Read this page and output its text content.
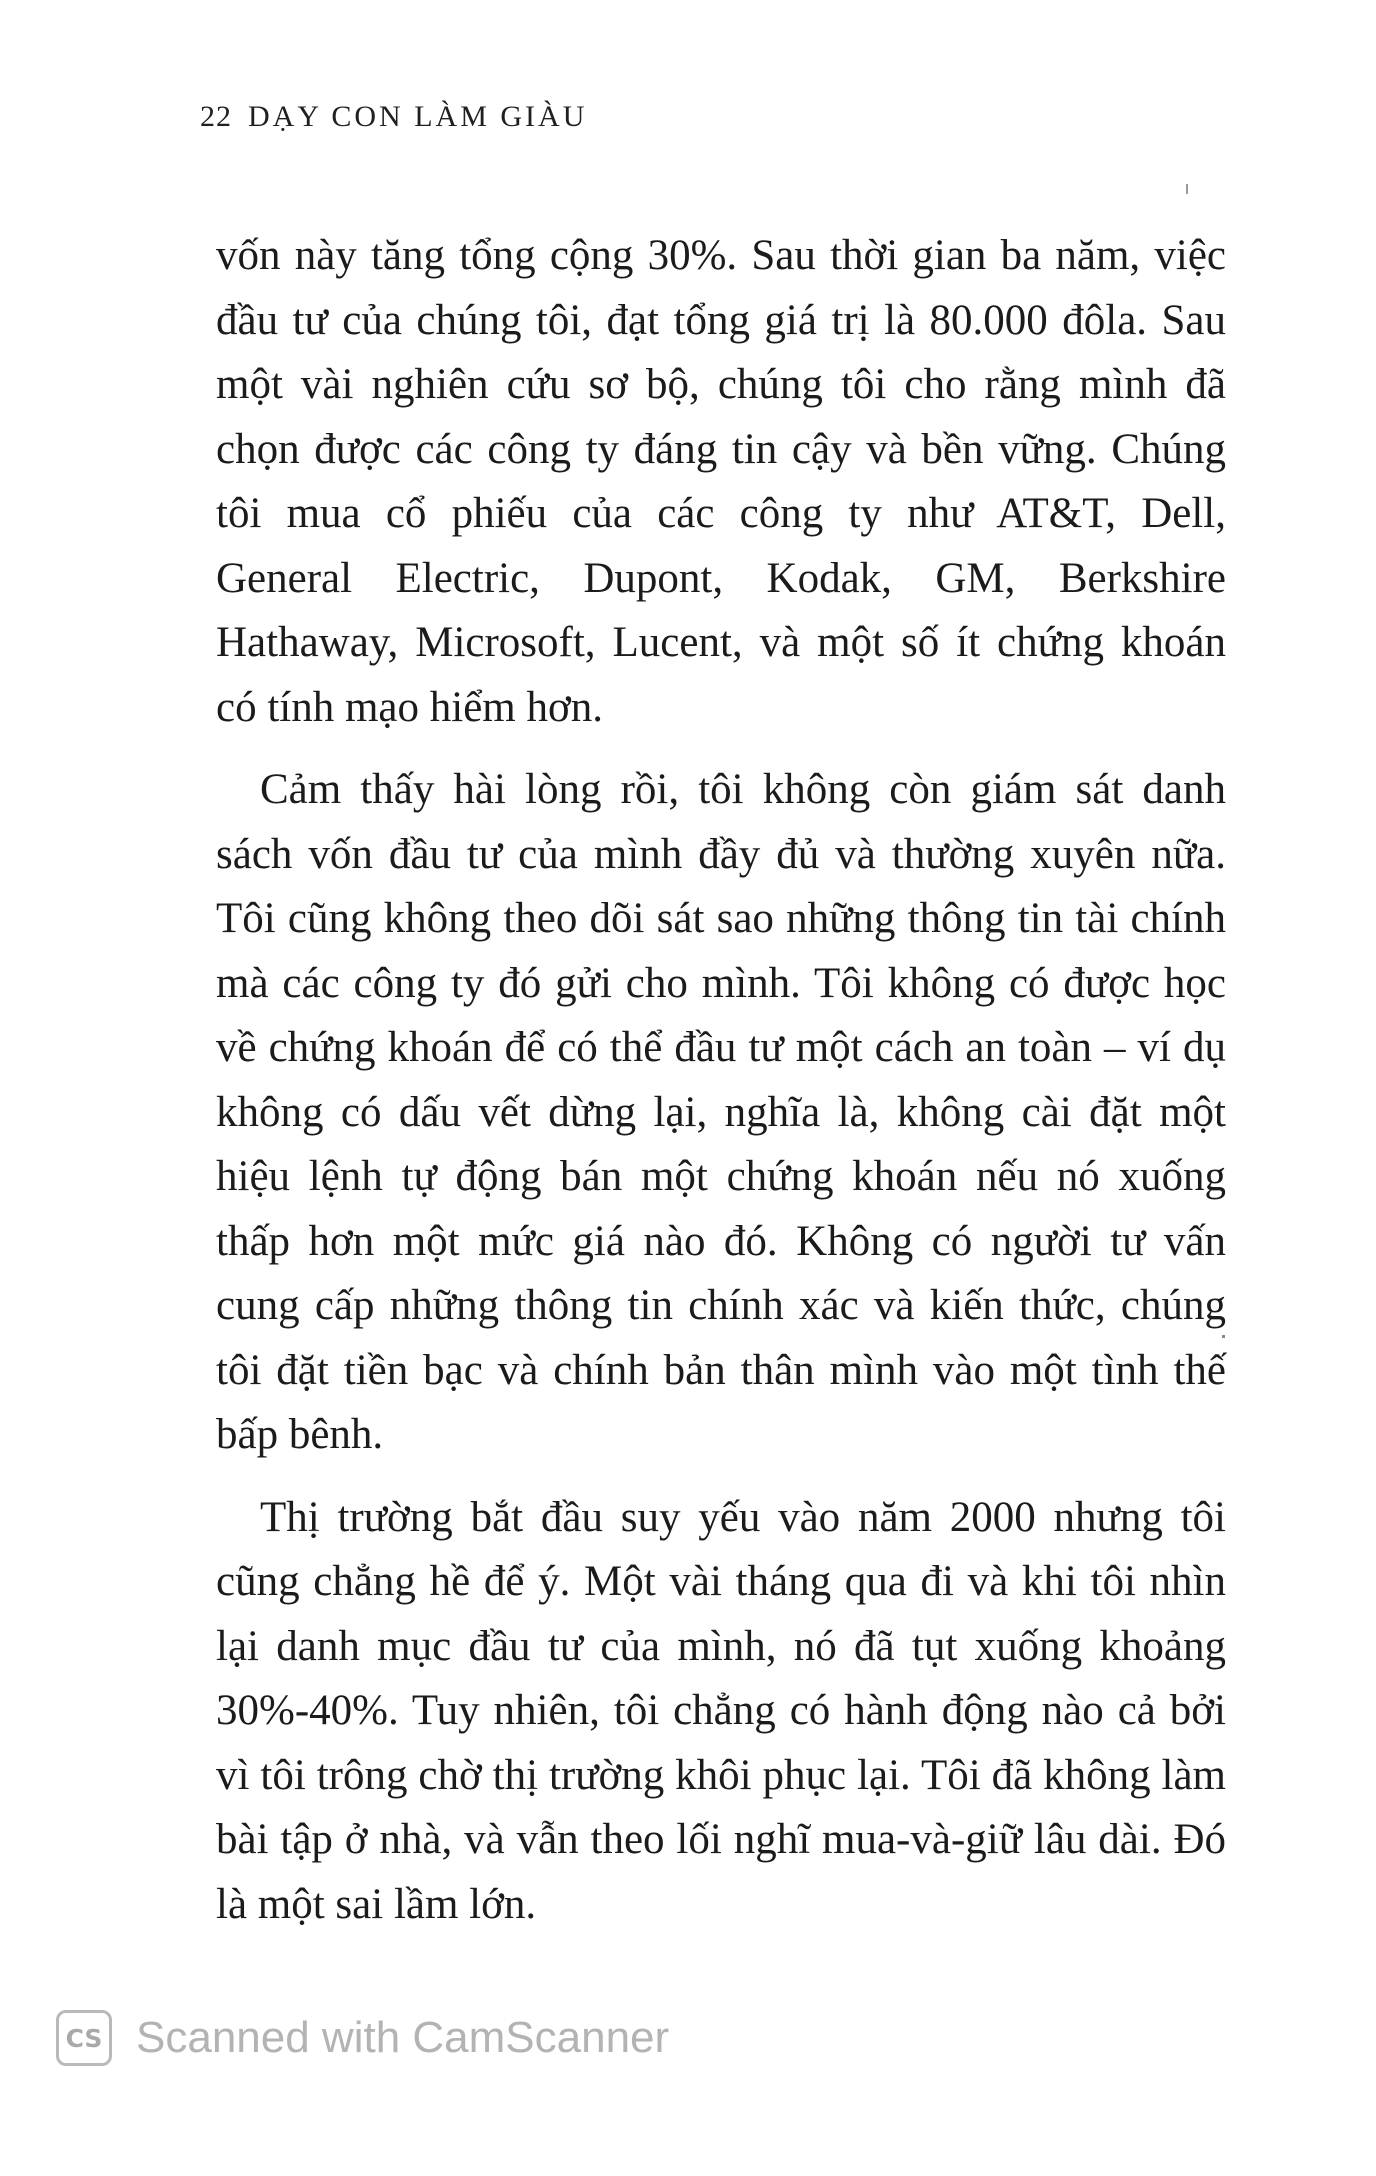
22 DẠY CON LÀM GIÀU

vốn này tăng tổng cộng 30%. Sau thời gian ba năm, việc đầu tư của chúng tôi, đạt tổng giá trị là 80.000 đôla. Sau một vài nghiên cứu sơ bộ, chúng tôi cho rằng mình đã chọn được các công ty đáng tin cậy và bền vững. Chúng tôi mua cổ phiếu của các công ty như AT&T, Dell, General Electric, Dupont, Kodak, GM, Berkshire Hathaway, Microsoft, Lucent, và một số ít chứng khoán có tính mạo hiểm hơn.

Cảm thấy hài lòng rồi, tôi không còn giám sát danh sách vốn đầu tư của mình đầy đủ và thường xuyên nữa. Tôi cũng không theo dõi sát sao những thông tin tài chính mà các công ty đó gửi cho mình. Tôi không có được học về chứng khoán để có thể đầu tư một cách an toàn – ví dụ không có dấu vết dừng lại, nghĩa là, không cài đặt một hiệu lệnh tự động bán một chứng khoán nếu nó xuống thấp hơn một mức giá nào đó. Không có người tư vấn cung cấp những thông tin chính xác và kiến thức, chúng tôi đặt tiền bạc và chính bản thân mình vào một tình thế bấp bênh.

Thị trường bắt đầu suy yếu vào năm 2000 nhưng tôi cũng chẳng hề để ý. Một vài tháng qua đi và khi tôi nhìn lại danh mục đầu tư của mình, nó đã tụt xuống khoảng 30%-40%. Tuy nhiên, tôi chẳng có hành động nào cả bởi vì tôi trông chờ thị trường khôi phục lại. Tôi đã không làm bài tập ở nhà, và vẫn theo lối nghĩ mua-và-giữ lâu dài. Đó là một sai lầm lớn.

CS Scanned with CamScanner
